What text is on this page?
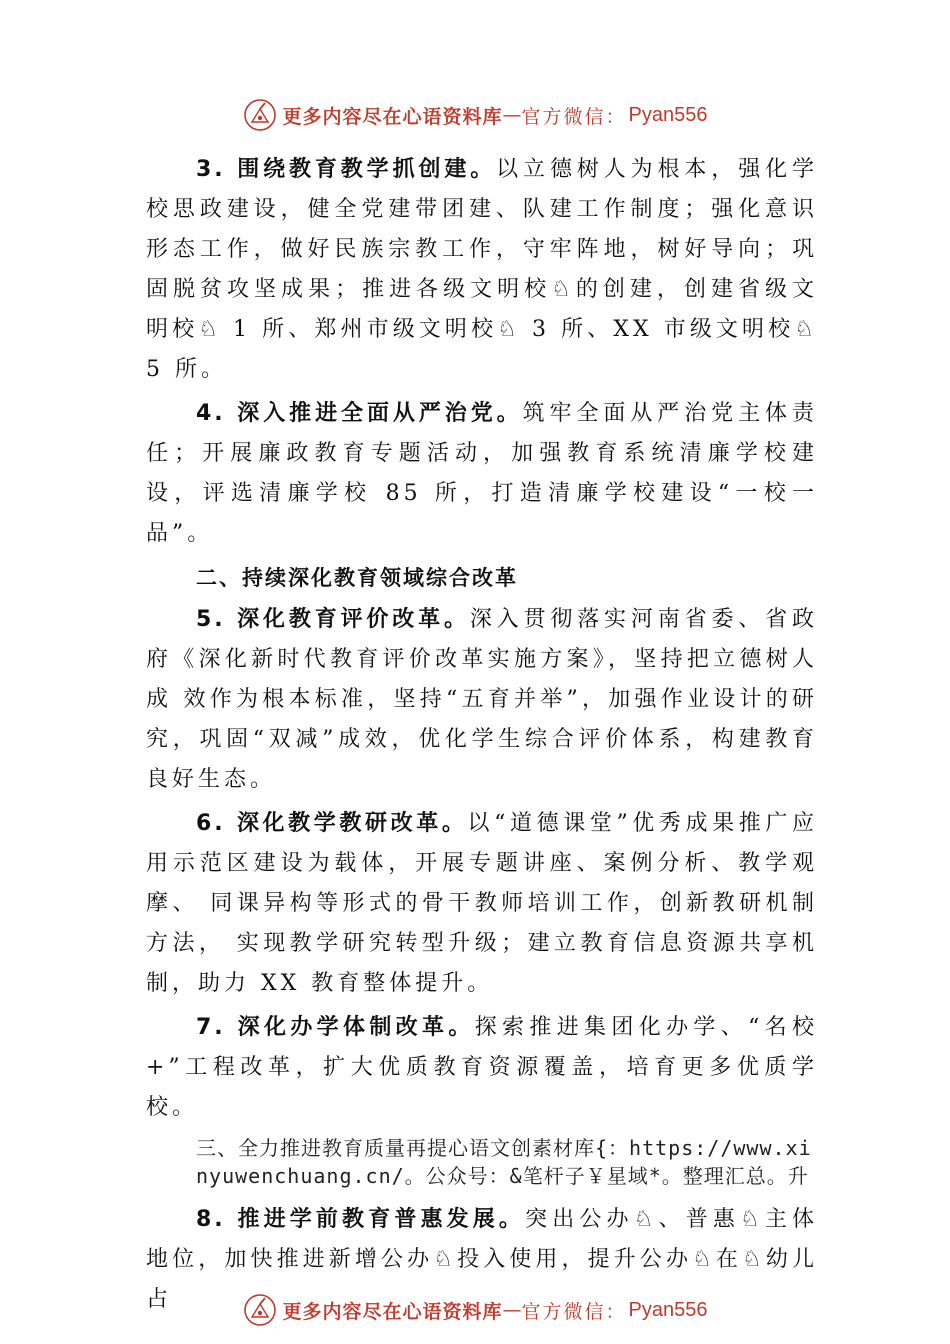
更多内容尽在心语资料库 — 官方微信： Pyan556

3. 围绕教育教学抓创建。以立德树人为根本，强化学校思政建设，健全党建带团建、队建工作制度；强化意识形态工作，做好民族宗教工作，守牢阵地，树好导向；巩固脱贫攻坚成果；推进各级文明校♘的创建，创建省级文明校♘ 1 所、郑州市级文明校♘ 3 所、XX 市级文明校♘ 5 所。

4. 深入推进全面从严治党。筑牢全面从严治党主体责任；开展廉政教育专题活动，加强教育系统清廉学校建设，评选清廉学校 85 所，打造清廉学校建设“一校一品”。

二、持续深化教育领域综合改革

5. 深化教育评价改革。深入贯彻落实河南省委、省政府《深化新时代教育评价改革实施方案》，坚持把立德树人成 效作为根本标准，坚持“五育并举”，加强作业设计的研究，巩固“双减”成效，优化学生综合评价体系，构建教育良好生态。

6. 深化教学教研改革。以“道德课堂”优秀成果推广应用示范区建设为载体，开展专题讲座、案例分析、教学观摩、 同课异构等形式的骨干教师培训工作，创新教研机制方法， 实现教学研究转型升级；建立教育信息资源共享机制，助力 XX 教育整体提升。

7. 深化办学体制改革。探索推进集团化办学、“名校+”工程改革，扩大优质教育资源覆盖，培育更多优质学校。

三、全力推进教育质量再提心语文创素材库{：https://www.xinyuwenchuang.cn/。公众号：&笔杆子￥星域*。整理汇总。升

8. 推进学前教育普惠发展。突出公办♘、普惠♘主体地位，加快推进新增公办♘投入使用，提升公办♘在♘幼儿占	更多内容尽在心语资料库 — 官方微信： Pyan556
